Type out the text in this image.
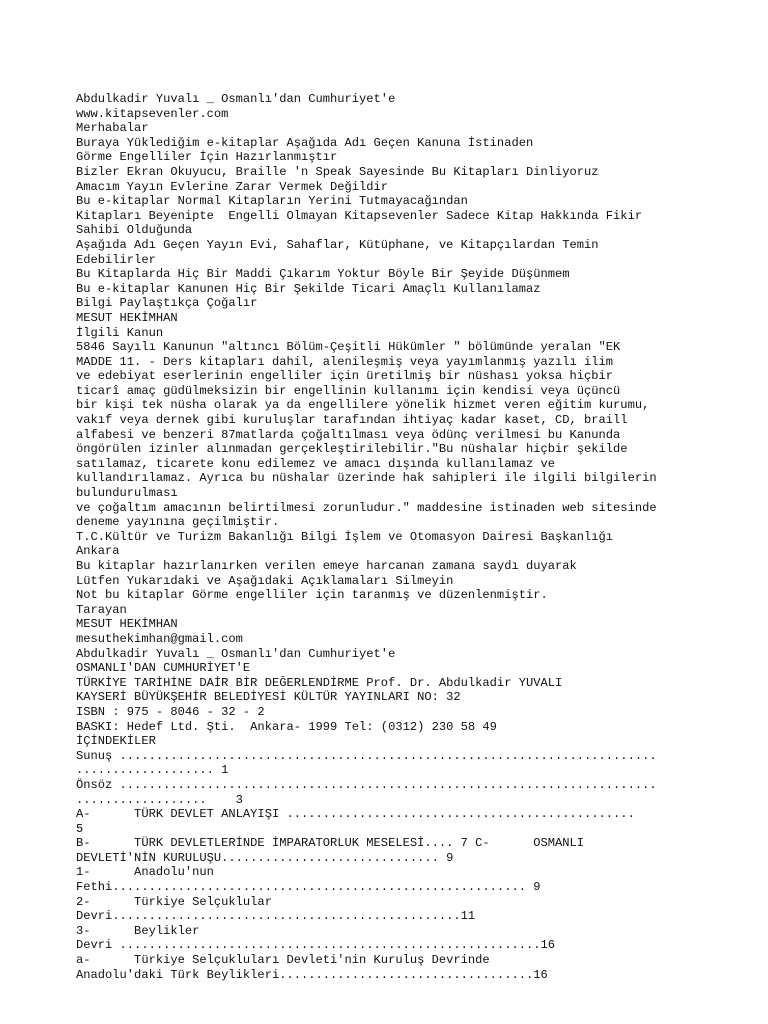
Abdulkadir Yuvalı _ Osmanlı'dan Cumhuriyet'e
www.kitapsevenler.com
Merhabalar
Buraya Yüklediğim e-kitaplar Aşağıda Adı Geçen Kanuna İstinaden
Görme Engelliler İçin Hazırlanmıştır
Bizler Ekran Okuyucu, Braille 'n Speak Sayesinde Bu Kitapları Dinliyoruz
Amacım Yayın Evlerine Zarar Vermek Değildir
Bu e-kitaplar Normal Kitapların Yerini Tutmayacağından
Kitapları Beyenipte  Engelli Olmayan Kitapsevenler Sadece Kitap Hakkında Fikir
Sahibi Olduğunda
Aşağıda Adı Geçen Yayın Evi, Sahaflar, Kütüphane, ve Kitapçılardan Temin
Edebilirler
Bu Kitaplarda Hiç Bir Maddi Çıkarım Yoktur Böyle Bir Şeyide Düşünmem
Bu e-kitaplar Kanunen Hiç Bir Şekilde Ticari Amaçlı Kullanılamaz
Bilgi Paylaştıkça Çoğalır
MESUT HEKİMHAN
İlgili Kanun
5846 Sayılı Kanunun "altıncı Bölüm-Çeşitli Hükümler " bölümünde yeralan "EK
MADDE 11. - Ders kitapları dahil, alenileşmiş veya yayımlanmış yazılı ilim
ve edebiyat eserlerinin engelliler için üretilmiş bir nüshası yoksa hiçbir
ticarî amaç güdülmeksizin bir engellinin kullanımı için kendisi veya üçüncü
bir kişi tek nüsha olarak ya da engellilere yönelik hizmet veren eğitim kurumu,
vakıf veya dernek gibi kuruluşlar tarafından ihtiyaç kadar kaset, CD, braill
alfabesi ve benzeri 87matlarda çoğaltılması veya ödünç verilmesi bu Kanunda
öngörülen izinler alınmadan gerçekleştirilebilir."Bu nüshalar hiçbir şekilde
satılamaz, ticarete konu edilemez ve amacı dışında kullanılamaz ve
kullandırılamaz. Ayrıca bu nüshalar üzerinde hak sahipleri ile ilgili bilgilerin
bulundurulması
ve çoğaltım amacının belirtilmesi zorunludur." maddesine istinaden web sitesinde
deneme yayınına geçilmiştir.
T.C.Kültür ve Turizm Bakanlığı Bilgi İşlem ve Otomasyon Dairesi Başkanlığı
Ankara
Bu kitaplar hazırlanırken verilen emeye harcanan zamana saydı duyarak
Lütfen Yukarıdaki ve Aşağıdaki Açıklamaları Silmeyin
Not bu kitaplar Görme engelliler için taranmış ve düzenlenmiştir.
Tarayan
MESUT HEKİMHAN
mesuthekimhan@gmail.com
Abdulkadir Yuvalı _ Osmanlı'dan Cumhuriyet'e
OSMANLI'DAN CUMHURİYET'E
TÜRKİYE TARİHİNE DAİR BİR DEĞERLENDİRME Prof. Dr. Abdulkadir YUVALI
KAYSERİ BÜYÜKŞEHİR BELEDİYESİ KÜLTÜR YAYINLARI NO: 32
ISBN : 975 - 8046 - 32 - 2
BASKI: Hedef Ltd. Şti.  Ankara- 1999 Tel: (0312) 230 58 49
İÇİNDEKİLER
Sunuş ..........................................................................
................... 1
Önsöz ..........................................................................
..................    3
A-      TÜRK DEVLET ANLAYIŞI ................................................
5
B-      TÜRK DEVLETLERİNDE İMPARATORLUK MESELESİ.... 7 C-      OSMANLI
DEVLETİ'NİN KURULUŞU.............................. 9
1-      Anadolu'nun
Fethi......................................................... 9
2-      Türkiye Selçuklular
Devri................................................11
3-      Beylikler
Devri ..........................................................16
a-      Türkiye Selçukluları Devleti'nin Kuruluş Devrinde
Anadolu'daki Türk Beylikleri...................................16
